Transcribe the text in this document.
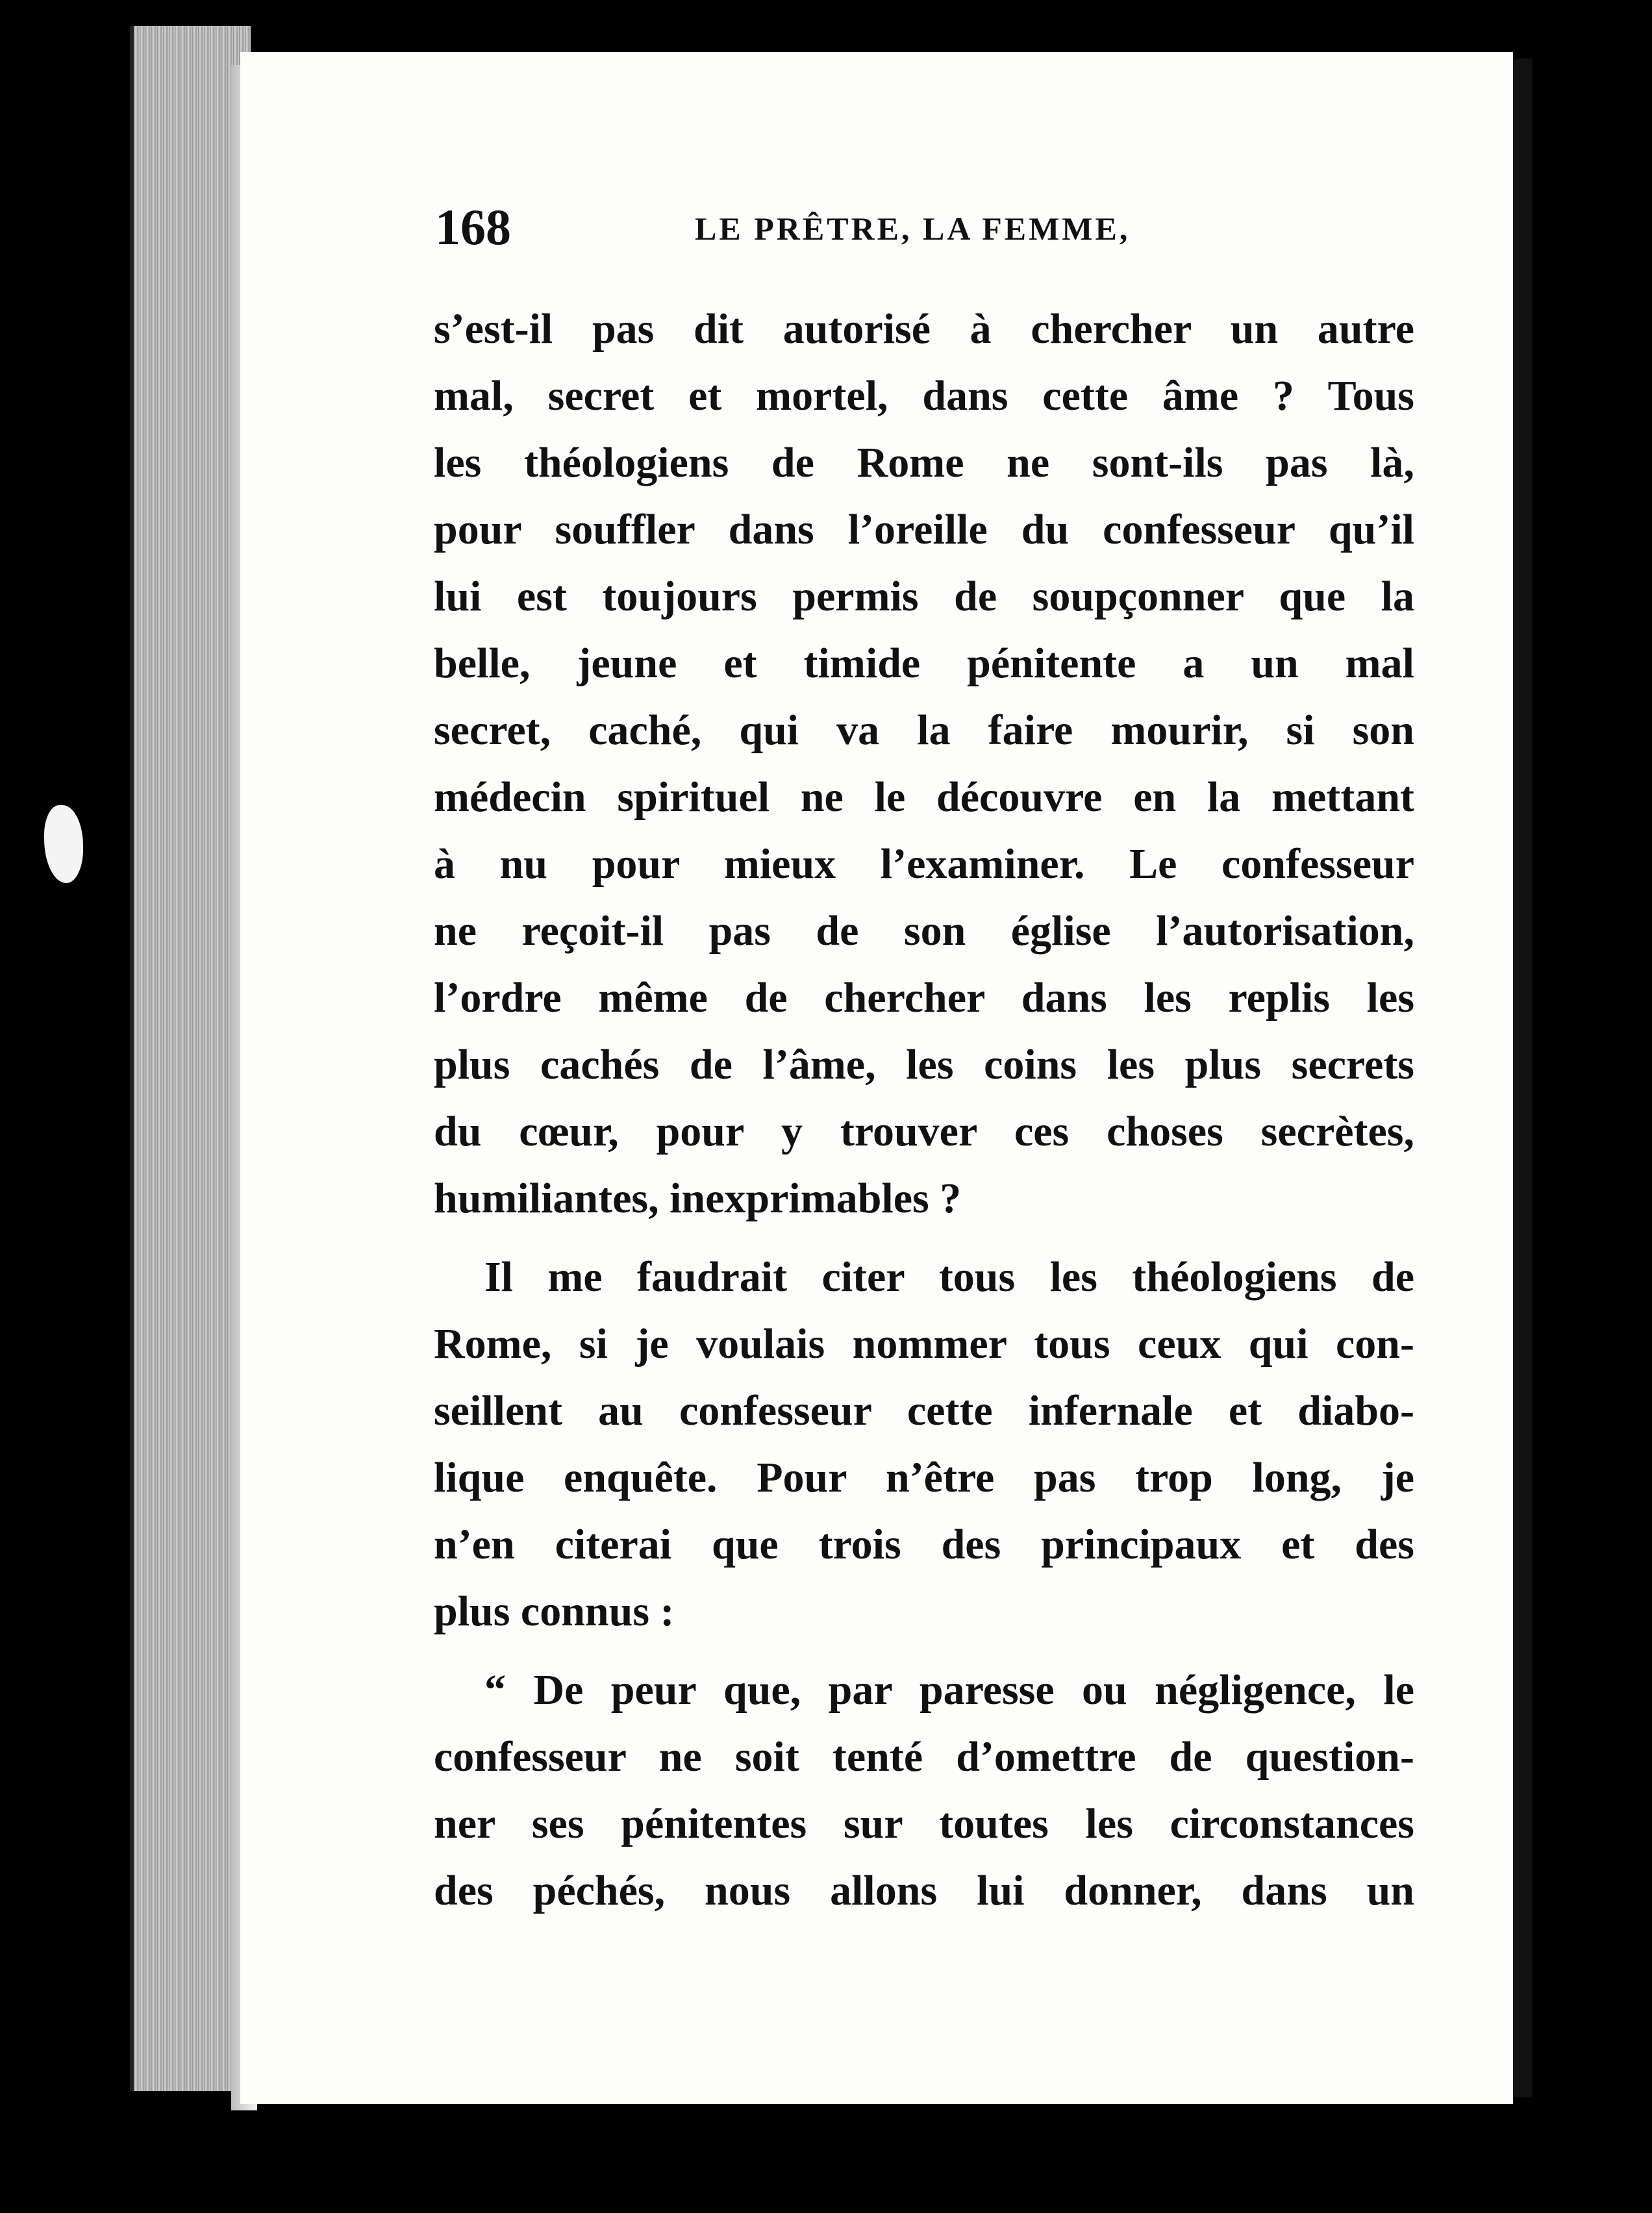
168	LE PRÊTRE, LA FEMME,
s’est-il pas dit autorisé à chercher un autre
mal, secret et mortel, dans cette âme ? Tous
les théologiens de Rome ne sont-ils pas là,
pour souffler dans l’oreille du confesseur qu’il
lui est toujours permis de soupçonner que la
belle, jeune et timide pénitente a un mal
secret, caché, qui va la faire mourir, si son
médecin spirituel ne le découvre en la mettant
à nu pour mieux l’examiner. Le confesseur
ne reçoit-il pas de son église l’autorisation,
l’ordre même de chercher dans les replis les
plus cachés de l’âme, les coins les plus secrets
du cœur, pour y trouver ces choses secrètes,
humiliantes, inexprimables ?
Il me faudrait citer tous les théologiens de
Rome, si je voulais nommer tous ceux qui con-
seillent au confesseur cette infernale et diabo-
lique enquête. Pour n’être pas trop long, je
n’en citerai que trois des principaux et des
plus connus :
“ De peur que, par paresse ou négligence, le
confesseur ne soit tenté d’omettre de question-
ner ses pénitentes sur toutes les circonstances
des péchés, nous allons lui donner, dans un
